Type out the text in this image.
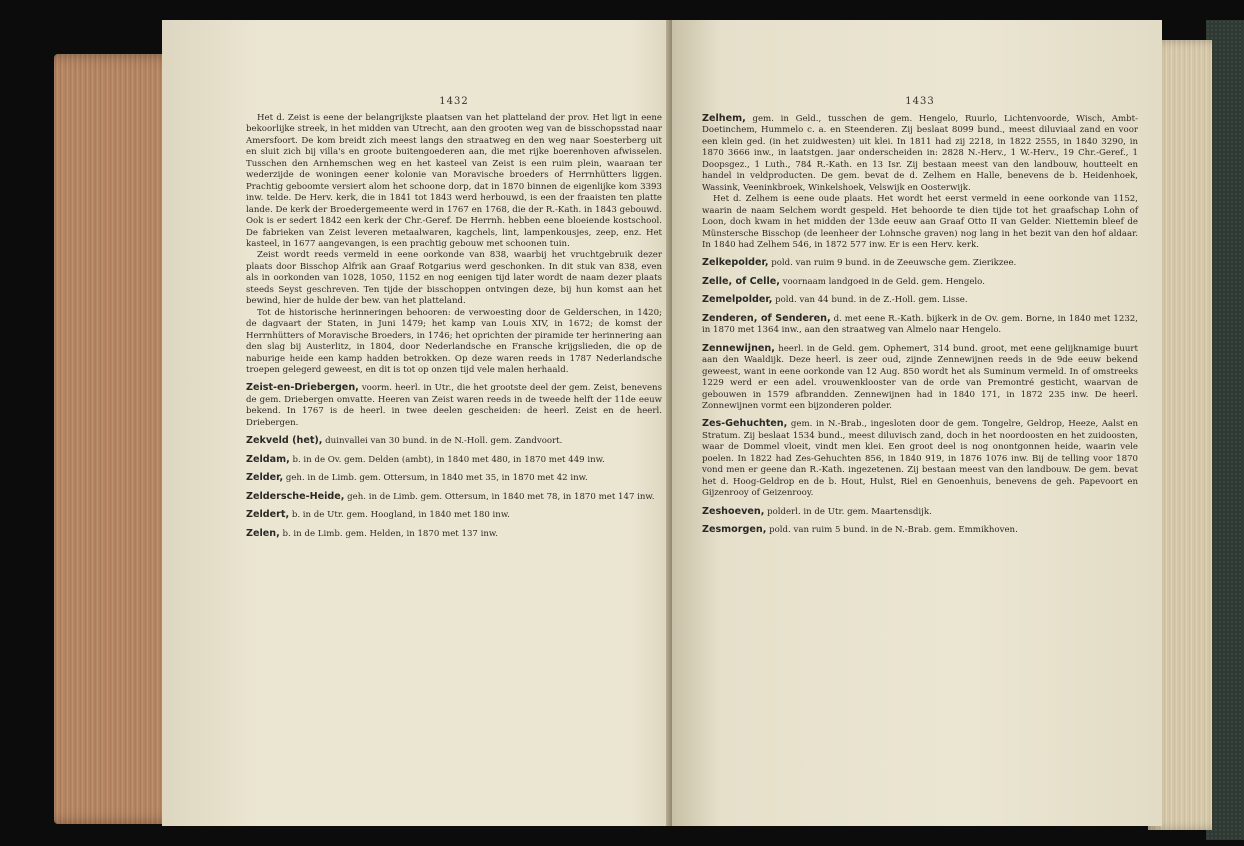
1432

Het d. Zeist is eene der belangrijkste plaatsen van het platteland der prov. Het ligt in eene bekoorlijke streek, in het midden van Utrecht, aan den grooten weg van de bisschopsstad naar Amersfoort. De kom breidt zich meest langs den straatweg en den weg naar Soesterberg uit en sluit zich bij villa's en groote buitengoederen aan, die met rijke boerenhoven afwisselen. Tusschen den Arnhemschen weg en het kasteel van Zeist is een ruim plein, waaraan ter wederzijde de woningen eener kolonie van Moravische broeders of Herrnhütters liggen. Prachtig geboomte versiert alom het schoone dorp, dat in 1870 binnen de eigenlijke kom 3393 inw. telde. De Herv. kerk, die in 1841 tot 1843 werd herbouwd, is een der fraaisten ten platte lande. De kerk der Broedergemeente werd in 1767 en 1768, die der R.-Kath. in 1843 gebouwd. Ook is er sedert 1842 een kerk der Chr.-Geref. De Herrnh. hebben eene bloeiende kostschool. De fabrieken van Zeist leveren metaalwaren, kagchels, lint, lampenkousjes, zeep, enz. Het kasteel, in 1677 aangevangen, is een prachtig gebouw met schoonen tuin.

Zeist wordt reeds vermeld in eene oorkonde van 838, waarbij het vruchtgebruik dezer plaats door Bisschop Alfrik aan Graaf Rotgarius werd geschonken. In dit stuk van 838, even als in oorkonden van 1028, 1050, 1152 en nog eenigen tijd later wordt de naam dezer plaats steeds Seyst geschreven. Ten tijde der bisschoppen ontvingen deze, bij hun komst aan het bewind, hier de hulde der bew. van het platteland.

Tot de historische herinneringen behooren: de verwoesting door de Gelderschen, in 1420; de dagvaart der Staten, in Juni 1479; het kamp van Louis XIV, in 1672; de komst der Herrnhütters of Moravische Broeders, in 1746; het oprichten der piramide ter herinnering aan den slag bij Austerlitz, in 1804, door Nederlandsche en Fransche krijgslieden, die op de naburige heide een kamp hadden betrokken. Op deze waren reeds in 1787 Nederlandsche troepen gelegerd geweest, en dit is tot op onzen tijd vele malen herhaald.

Zeist-en-Driebergen, voorm. heerl. in Utr., die het grootste deel der gem. Zeist, benevens de gem. Driebergen omvatte. Heeren van Zeist waren reeds in de tweede helft der 11de eeuw bekend. In 1767 is de heerl. in twee deelen gescheiden: de heerl. Zeist en de heerl. Driebergen.

Zekveld (het), duinvallei van 30 bund. in de N.-Holl. gem. Zandvoort.

Zeldam, b. in de Ov. gem. Delden (ambt), in 1840 met 480, in 1870 met 449 inw.

Zelder, geh. in de Limb. gem. Ottersum, in 1840 met 35, in 1870 met 42 inw.

Zeldersche-Heide, geh. in de Limb. gem. Ottersum, in 1840 met 78, in 1870 met 147 inw.

Zeldert, b. in de Utr. gem. Hoogland, in 1840 met 180 inw.

Zelen, b. in de Limb. gem. Helden, in 1870 met 137 inw.

1433

Zelhem, gem. in Geld., tusschen de gem. Hengelo, Ruurlo, Lichtenvoorde, Wisch, Ambt-Doetinchem, Hummelo c. a. en Steenderen. Zij beslaat 8099 bund., meest diluviaal zand en voor een klein ged. (in het zuidwesten) uit klei. In 1811 had zij 2218, in 1822 2555, in 1840 3290, in 1870 3666 inw., in laatstgen. jaar onderscheiden in: 2828 N.-Herv., 1 W.-Herv., 19 Chr.-Geref., 1 Doopsgez., 1 Luth., 784 R.-Kath. en 13 Isr. Zij bestaan meest van den landbouw, houtteelt en handel in veldproducten. De gem. bevat de d. Zelhem en Halle, benevens de b. Heidenhoek, Wassink, Veeninkbroek, Winkelshoek, Velswijk en Oosterwijk.

Het d. Zelhem is eene oude plaats. Het wordt het eerst vermeld in eene oorkonde van 1152, waarin de naam Selchem wordt gespeld. Het behoorde te dien tijde tot het graafschap Lohn of Loon, doch kwam in het midden der 13de eeuw aan Graaf Otto II van Gelder. Niettemin bleef de Münstersche Bisschop (de leenheer der Lohnsche graven) nog lang in het bezit van den hof aldaar. In 1840 had Zelhem 546, in 1872 577 inw. Er is een Herv. kerk.

Zelkepolder, pold. van ruim 9 bund. in de Zeeuwsche gem. Zierikzee.

Zelle, of Celle, voornaam landgoed in de Geld. gem. Hengelo.

Zemelpolder, pold. van 44 bund. in de Z.-Holl. gem. Lisse.

Zenderen, of Senderen, d. met eene R.-Kath. bijkerk in de Ov. gem. Borne, in 1840 met 1232, in 1870 met 1364 inw., aan den straatweg van Almelo naar Hengelo.

Zennewijnen, heerl. in de Geld. gem. Ophemert, 314 bund. groot, met eene gelijknamige buurt aan den Waaldijk. Deze heerl. is zeer oud, zijnde Zennewijnen reeds in de 9de eeuw bekend geweest, want in eene oorkonde van 12 Aug. 850 wordt het als Suminum vermeld. In of omstreeks 1229 werd er een adel. vrouwenklooster van de orde van Premontré gesticht, waarvan de gebouwen in 1579 afbrandden. Zennewijnen had in 1840 171, in 1872 235 inw. De heerl. Zonnewijnen vormt een bijzonderen polder.

Zes-Gehuchten, gem. in N.-Brab., ingesloten door de gem. Tongelre, Geldrop, Heeze, Aalst en Stratum. Zij beslaat 1534 bund., meest diluvisch zand, doch in het noordoosten en het zuidoosten, waar de Dommel vloeit, vindt men klei. Een groot deel is nog onontgonnen heide, waarin vele poelen. In 1822 had Zes-Gehuchten 856, in 1840 919, in 1876 1076 inw. Bij de telling voor 1870 vond men er geene dan R.-Kath. ingezetenen. Zij bestaan meest van den landbouw. De gem. bevat het d. Hoog-Geldrop en de b. Hout, Hulst, Riel en Genoenhuis, benevens de geh. Papevoort en Gijzenrooy of Geizenrooy.

Zeshoeven, polderl. in de Utr. gem. Maartensdijk.

Zesmorgen, pold. van ruim 5 bund. in de N.-Brab. gem. Emmikhoven.
